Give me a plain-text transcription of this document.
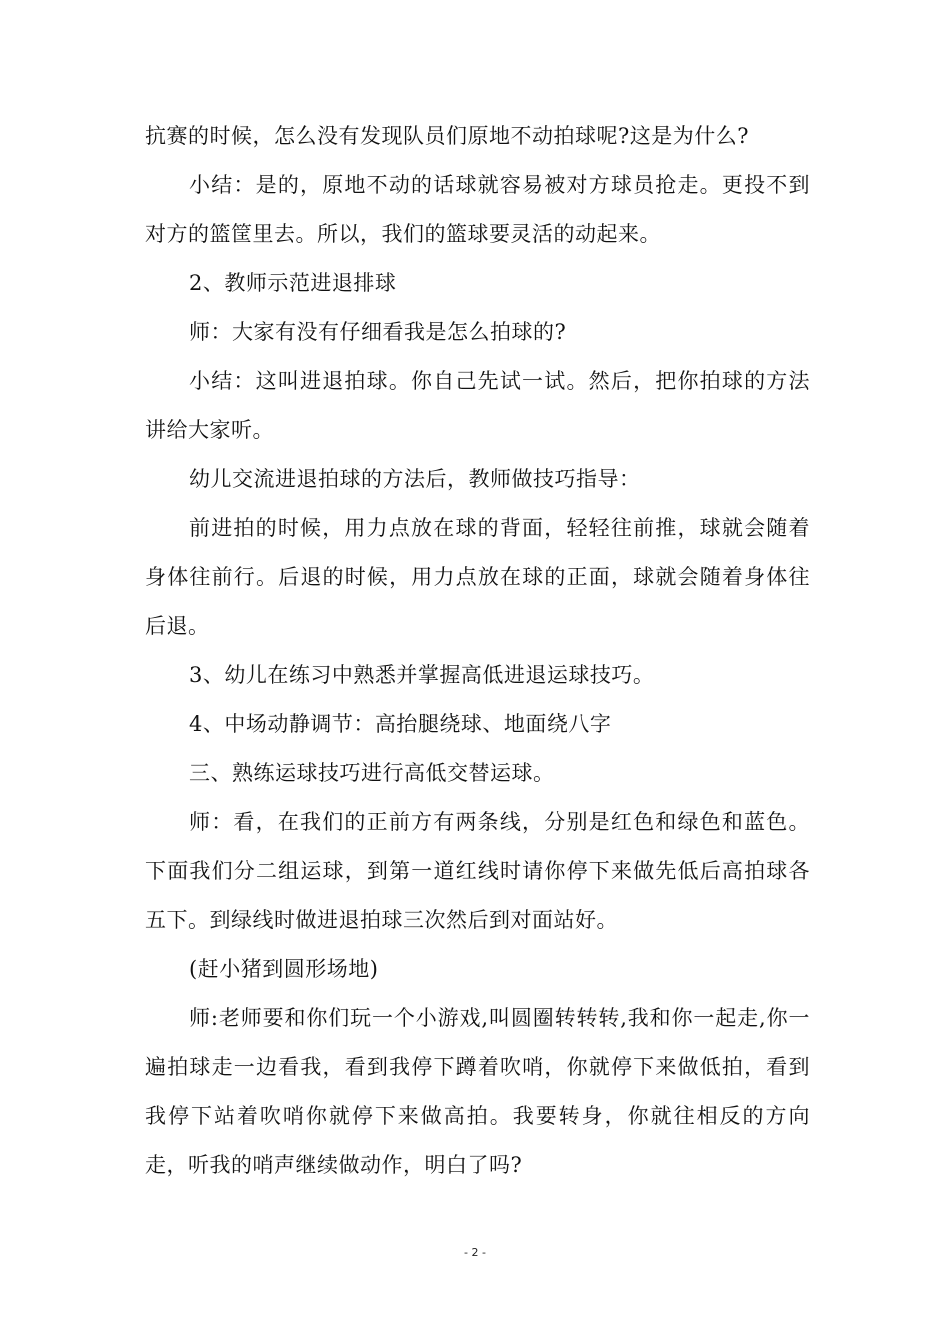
抗赛的时候，怎么没有发现队员们原地不动拍球呢?这是为什么?

小结：是的，原地不动的话球就容易被对方球员抢走。更投不到对方的篮筐里去。所以，我们的篮球要灵活的动起来。

2、教师示范进退排球

师：大家有没有仔细看我是怎么拍球的?

小结：这叫进退拍球。你自己先试一试。然后，把你拍球的方法讲给大家听。

幼儿交流进退拍球的方法后，教师做技巧指导：

前进拍的时候，用力点放在球的背面，轻轻往前推，球就会随着身体往前行。后退的时候，用力点放在球的正面，球就会随着身体往后退。

3、幼儿在练习中熟悉并掌握高低进退运球技巧。

4、中场动静调节：高抬腿绕球、地面绕八字

三、熟练运球技巧进行高低交替运球。

师：看，在我们的正前方有两条线，分别是红色和绿色和蓝色。下面我们分二组运球，到第一道红线时请你停下来做先低后高拍球各五下。到绿线时做进退拍球三次然后到对面站好。

(赶小猪到圆形场地)

师:老师要和你们玩一个小游戏,叫圆圈转转转,我和你一起走,你一遍拍球走一边看我，看到我停下蹲着吹哨，你就停下来做低拍，看到我停下站着吹哨你就停下来做高拍。我要转身，你就往相反的方向走，听我的哨声继续做动作，明白了吗?

- 2 -
